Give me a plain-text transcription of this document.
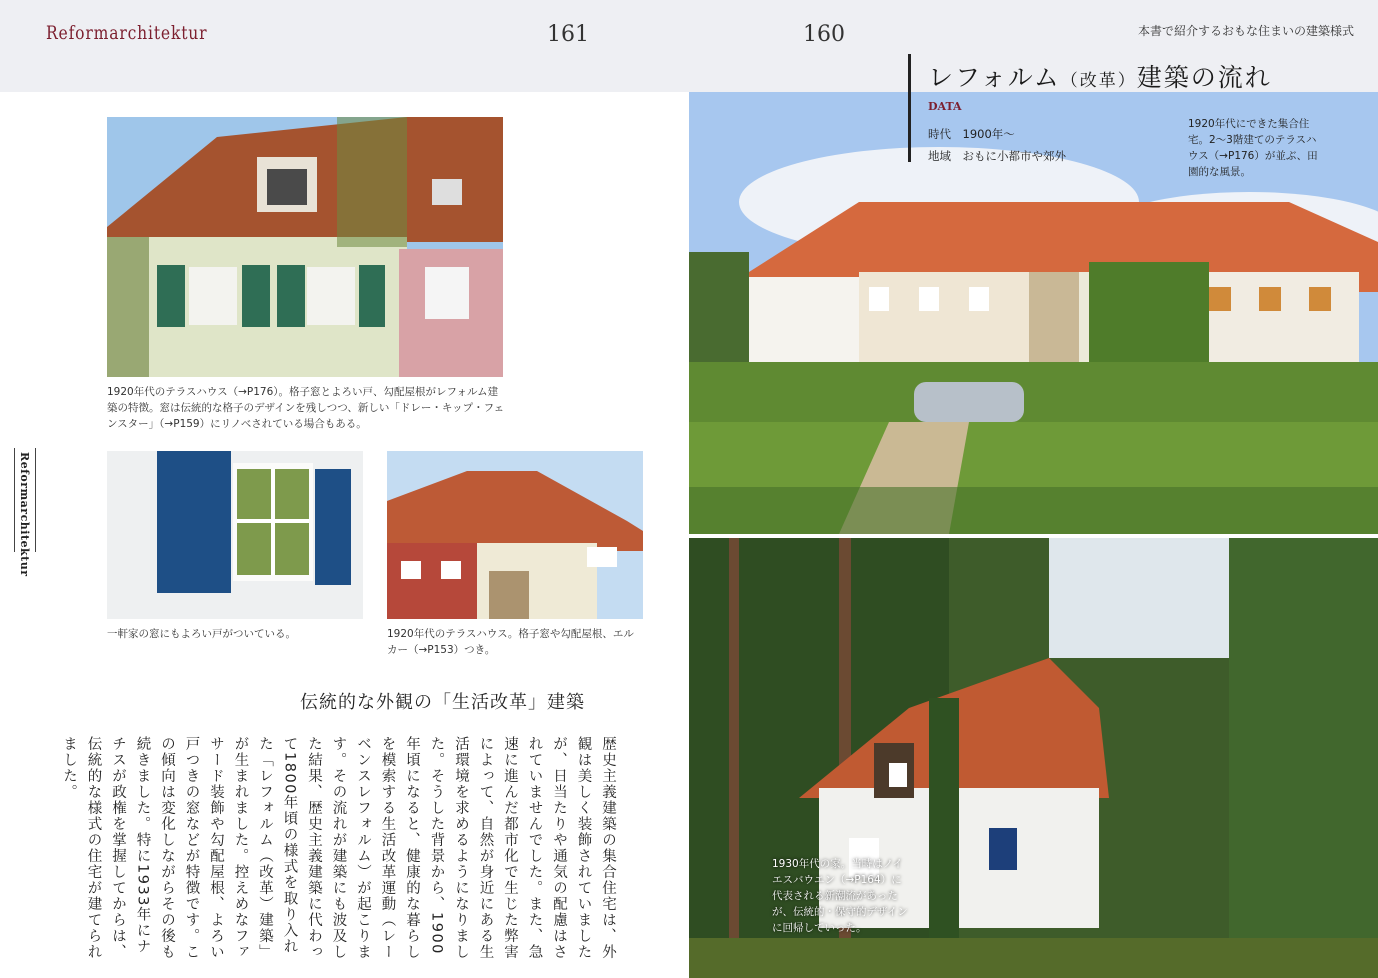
Reformarchitektur	161	160	本書で紹介するおもな住まいの建築様式
1920年代のテラスハウス（→P176）。格子窓とよろい戸、勾配屋根がレフォルム建築の特徴。窓は伝統的な格子のデザインを残しつつ、新しい「ドレー・キップ・フェンスター」（→P159）にリノベされている場合もある。
Reformarchitektur
一軒家の窓にもよろい戸がついている。	1920年代のテラスハウス。格子窓や勾配屋根、エルカー（→P153）つき。
伝統的な外観の「生活改革」建築
歴史主義建築の集合住宅は、外観は美しく装飾されていましたが、日当たりや通気の配慮はされていませんでした。また、急速に進んだ都市化で生じた弊害によって、自然が身近にある生活環境を求めるようになりました。そうした背景から、1900年頃になると、健康的な暮らしを模索する生活改革運動（レーベンスレフォルム）が起こります。その流れが建築にも波及した結果、歴史主義建築に代わって1800年頃の様式を取り入れた「レフォルム（改革）建築」が生まれました。控えめなファサード装飾や勾配屋根、よろい戸つきの窓などが特徴です。この傾向は変化しながらその後も続きました。特に1933年にナチスが政権を掌握してからは、伝統的な様式の住宅が建てられました。
レフォルム（改革）建築の流れ
DATA
時代　 1900年～
地域　 おもに小都市や郊外
1920年代にできた集合住宅。2～3階建てのテラスハウス（→P176）が並ぶ、田園的な風景。
1930年代の家。当時はノイエスバウエン（→P164）に代表される新潮流があったが、伝統的・保守的デザインに回帰していった。
